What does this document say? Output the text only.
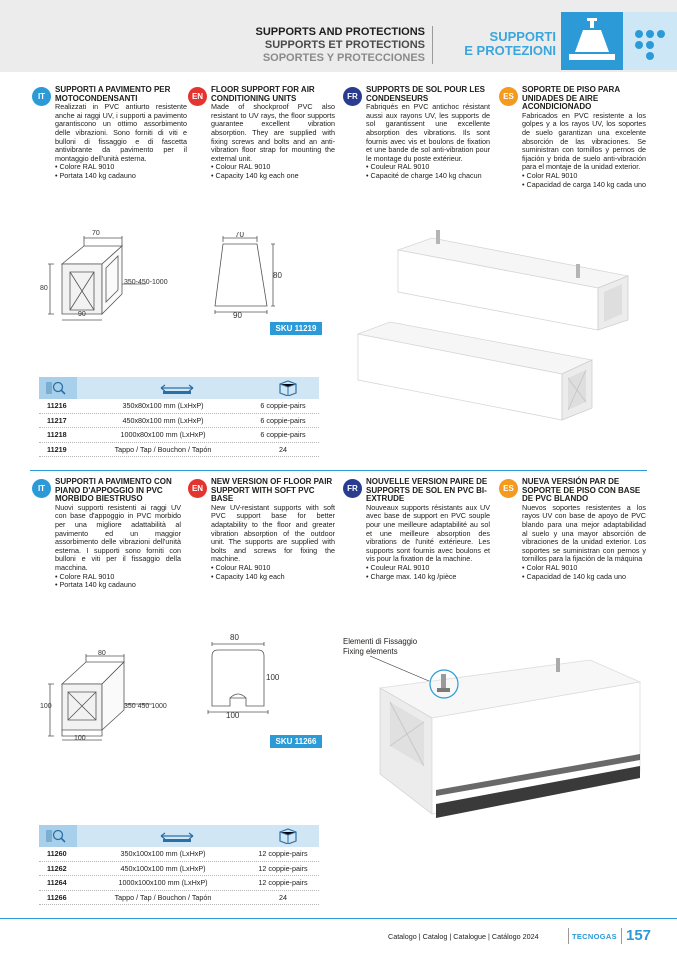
SUPPORTS AND PROTECTIONS
SUPPORTS ET PROTECTIONS
SOPORTES Y PROTECCIONES
SUPPORTI
E PROTEZIONI
IT
SUPPORTI A PAVIMENTO PER MOTOCONDENSANTI
Realizzati in PVC antiurto resistente anche ai raggi UV, i supporti a pavimento garantiscono un ottimo assorbimento delle vibrazioni. Sono forniti di viti e bulloni di fissaggio e di fascetta antivibrante da pavimento per il montaggio dell'unità esterna.
• Colore RAL 9010
• Portata 140 kg cadauno
EN
FLOOR SUPPORT FOR AIR CONDITIONING UNITS
Made of shockproof PVC also resistant to UV rays, the floor supports guarantee excellent vibration absorption. They are supplied with fixing screws and bolts and an anti-vibration floor strap for mounting the external unit.
• Colour RAL 9010
• Capacity 140 kg each one
FR
SUPPORTS DE SOL POUR LES CONDENSEURS
Fabriqués en PVC antichoc résistant aussi aux rayons UV, les supports de sol garantissent une excellente absorption des vibrations. Ils sont fournis avec vis et boulons de fixation et une bande de sol anti-vibration pour le montage du poste extérieur.
• Couleur RAL 9010
• Capacité de charge 140 kg chacun
ES
SOPORTE DE PISO PARA UNIDADES DE AIRE ACONDICIONADO
Fabricados en PVC resistente a los golpes y a los rayos UV, los soportes de suelo garantizan una excelente absorción de las vibraciones. Se suministran con tornillos y pernos de fijación y brida de suelo anti-vibración para el montaje de la unidad exterior.
• Color RAL 9010
• Capacidad de carga 140 kg cada uno
70
80
350-450-1000
90
70
80
90
SKU 11219
11216	350x80x100 mm (LxHxP)	6 coppie-pairs
11217	450x80x100 mm (LxHxP)	6 coppie-pairs
11218	1000x80x100 mm (LxHxP)	6 coppie-pairs
11219	Tappo / Tap / Bouchon / Tapón	24
IT
SUPPORTI A PAVIMENTO CON PIANO D'APPOGGIO IN PVC MORBIDO BIESTRUSO
Nuovi supporti resistenti ai raggi UV con base d'appoggio in PVC morbido per una migliore adattabilità al pavimento ed un maggior assorbimento delle vibrazioni dell'unità esterna. I supporti sono forniti con bulloni e viti per il fissaggio della macchina.
• Colore RAL 9010
• Portata 140 kg cadauno
EN
NEW VERSION OF FLOOR PAIR SUPPORT WITH SOFT PVC BASE
New UV-resistant supports with soft PVC support base for better adaptability to the floor and greater vibration absorption of the outdoor unit. The supports are supplied with bolts and screws for fixing the machine.
• Colour RAL 9010
• Capacity 140 kg each
FR
NOUVELLE VERSION PAIRE DE SUPPORTS DE SOL EN PVC BI-EXTRUDE
Nouveaux supports résistants aux UV avec base de support en PVC souple pour une meilleure adaptabilité au sol et une meilleure absorption des vibrations de l'unité extérieure. Les supports sont fournis avec boulons et vis pour la fixation de la machine.
• Couleur RAL 9010
• Charge max. 140 kg /pièce
ES
NUEVA VERSIÓN PAR DE SOPORTE DE PISO CON BASE DE PVC BLANDO
Nuevos soportes resistentes a los rayos UV con base de apoyo de PVC blando para una mejor adaptabilidad al suelo y una mayor absorción de vibraciones de la unidad exterior. Los soportes se suministran con pernos y tornillos para la fijación de la máquina
• Color RAL 9010
• Capacidad de 140 kg cada uno
80
100	350 450 1000
100
80
100
100
SKU 11266
Elementi di Fissaggio
Fixing elements
11260	350x100x100 mm (LxHxP)	12 coppie-pairs
11262	450x100x100 mm (LxHxP)	12 coppie-pairs
11264	1000x100x100 mm (LxHxP)	12 coppie-pairs
11266	Tappo / Tap / Bouchon / Tapón	24
Catalogo | Catalog | Catalogue | Catálogo 2024	TECNOGAS 157
